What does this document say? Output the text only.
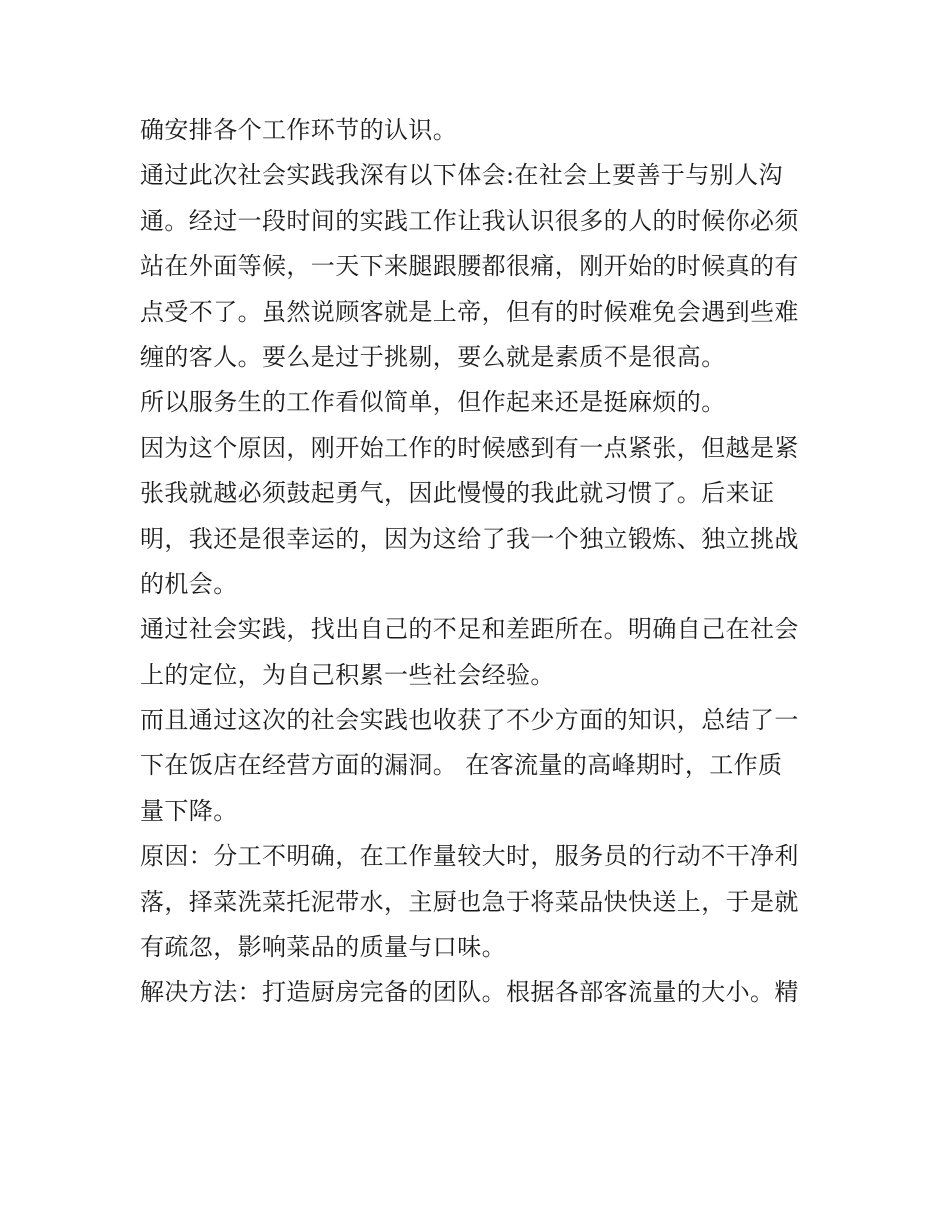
确安排各个工作环节的认识。
通过此次社会实践我深有以下体会:在社会上要善于与别人沟
通。经过一段时间的实践工作让我认识很多的人的时候你必须
站在外面等候，一天下来腿跟腰都很痛，刚开始的时候真的有
点受不了。虽然说顾客就是上帝，但有的时候难免会遇到些难
缠的客人。要么是过于挑剔，要么就是素质不是很高。
所以服务生的工作看似简单，但作起来还是挺麻烦的。
因为这个原因，刚开始工作的时候感到有一点紧张，但越是紧
张我就越必须鼓起勇气，因此慢慢的我此就习惯了。后来证
明，我还是很幸运的，因为这给了我一个独立锻炼、独立挑战
的机会。
通过社会实践，找出自己的不足和差距所在。明确自己在社会
上的定位，为自己积累一些社会经验。
而且通过这次的社会实践也收获了不少方面的知识，总结了一
下在饭店在经营方面的漏洞。 在客流量的高峰期时，工作质
量下降。
原因：分工不明确，在工作量较大时，服务员的行动不干净利
落，择菜洗菜托泥带水，主厨也急于将菜品快快送上，于是就
有疏忽，影响菜品的质量与口味。
解决方法：打造厨房完备的团队。根据各部客流量的大小。精
